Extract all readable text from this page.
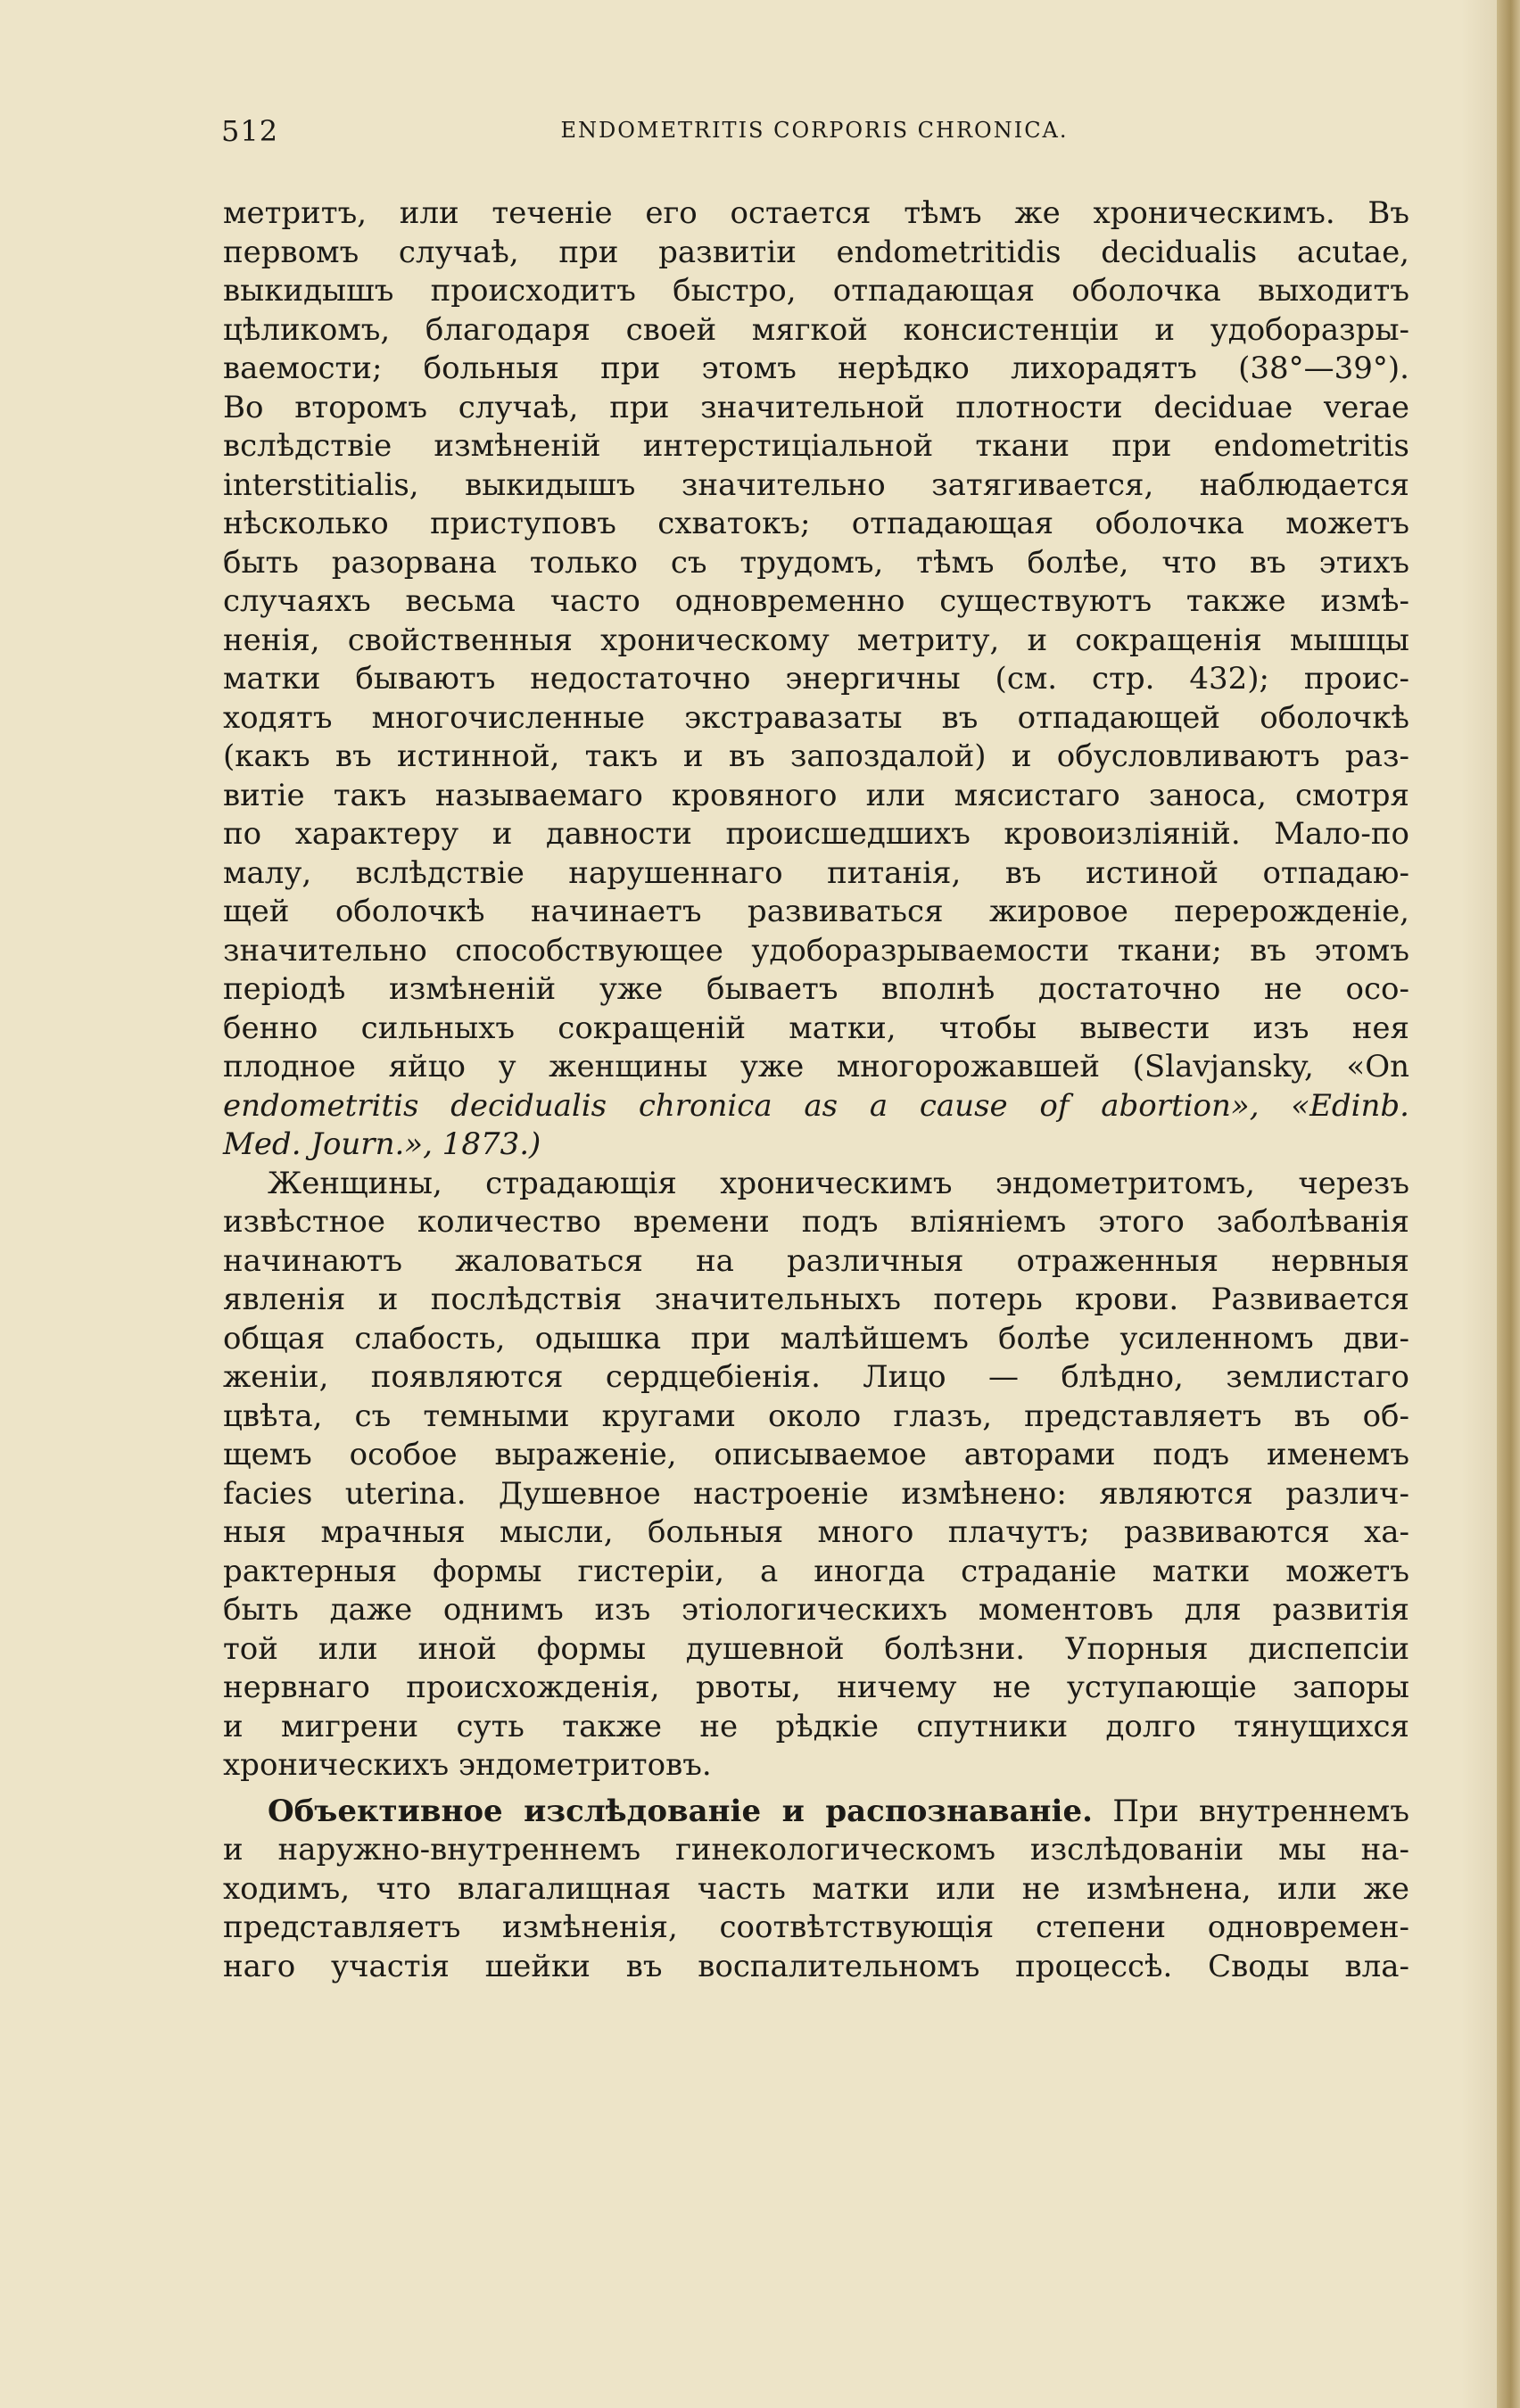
512	ENDOMETRITIS CORPORIS CHRONICA.
метритъ, или теченіе его остается тѣмъ же хроническимъ. Въ
первомъ случаѣ, при развитіи endometritidis decidualis acutae,
выкидышъ происходитъ быстро, отпадающая оболочка выходитъ
цѣликомъ, благодаря своей мягкой консистенціи и удоборазры-
ваемости; больныя при этомъ нерѣдко лихорадятъ (38°—39°).
Во второмъ случаѣ, при значительной плотности deciduae verae
вслѣдствіе измѣненій интерстиціальной ткани при endometritis
interstitialis, выкидышъ значительно затягивается, наблюдается
нѣсколько приступовъ схватокъ; отпадающая оболочка можетъ
быть разорвана только съ трудомъ, тѣмъ болѣе, что въ этихъ
случаяхъ весьма часто одновременно существуютъ также измѣ-
ненія, свойственныя хроническому метриту, и сокращенія мышцы
матки бываютъ недостаточно энергичны (см. стр. 432); проис-
ходятъ многочисленные экстравазаты въ отпадающей оболочкѣ
(какъ въ истинной, такъ и въ запоздалой) и обусловливаютъ раз-
витіе такъ называемаго кровяного или мясистаго заноса, смотря
по характеру и давности происшедшихъ кровоизліяній. Мало-по
малу, вслѣдствіе нарушеннаго питанія, въ истиной отпадаю-
щей оболочкѣ начинаетъ развиваться жировое перерожденіе,
значительно способствующее удоборазрываемости ткани; въ этомъ
періодѣ измѣненій уже бываетъ вполнѣ достаточно не осо-
бенно сильныхъ сокращеній матки, чтобы вывести изъ нея
плодное яйцо у женщины уже многорожавшей (Slavjansky, «On
endometritis decidualis chronica as a cause of abortion», «Edinb.
Med. Journ.», 1873.)
Женщины, страдающія хроническимъ эндометритомъ, черезъ
извѣстное количество времени подъ вліяніемъ этого заболѣванія
начинаютъ жаловаться на различныя отраженныя нервныя
явленія и послѣдствія значительныхъ потерь крови. Развивается
общая слабость, одышка при малѣйшемъ болѣе усиленномъ дви-
женіи, появляются сердцебіенія. Лицо — блѣдно, землистаго
цвѣта, съ темными кругами около глазъ, представляетъ въ об-
щемъ особое выраженіе, описываемое авторами подъ именемъ
facies uterina. Душевное настроеніе измѣнено: являются различ-
ныя мрачныя мысли, больныя много плачутъ; развиваются ха-
рактерныя формы гистеріи, а иногда страданіе матки можетъ
быть даже однимъ изъ этіологическихъ моментовъ для развитія
той или иной формы душевной болѣзни. Упорныя диспепсіи
нервнаго происхожденія, рвоты, ничему не уступающіе запоры
и мигрени суть также не рѣдкіе спутники долго тянущихся
хроническихъ эндометритовъ.
Объективное изслѣдованіе и распознаваніе. При внутреннемъ
и наружно-внутреннемъ гинекологическомъ изслѣдованіи мы на-
ходимъ, что влагалищная часть матки или не измѣнена, или же
представляетъ измѣненія, соотвѣтствующія степени одновремен-
наго участія шейки въ воспалительномъ процессѣ. Своды вла-
